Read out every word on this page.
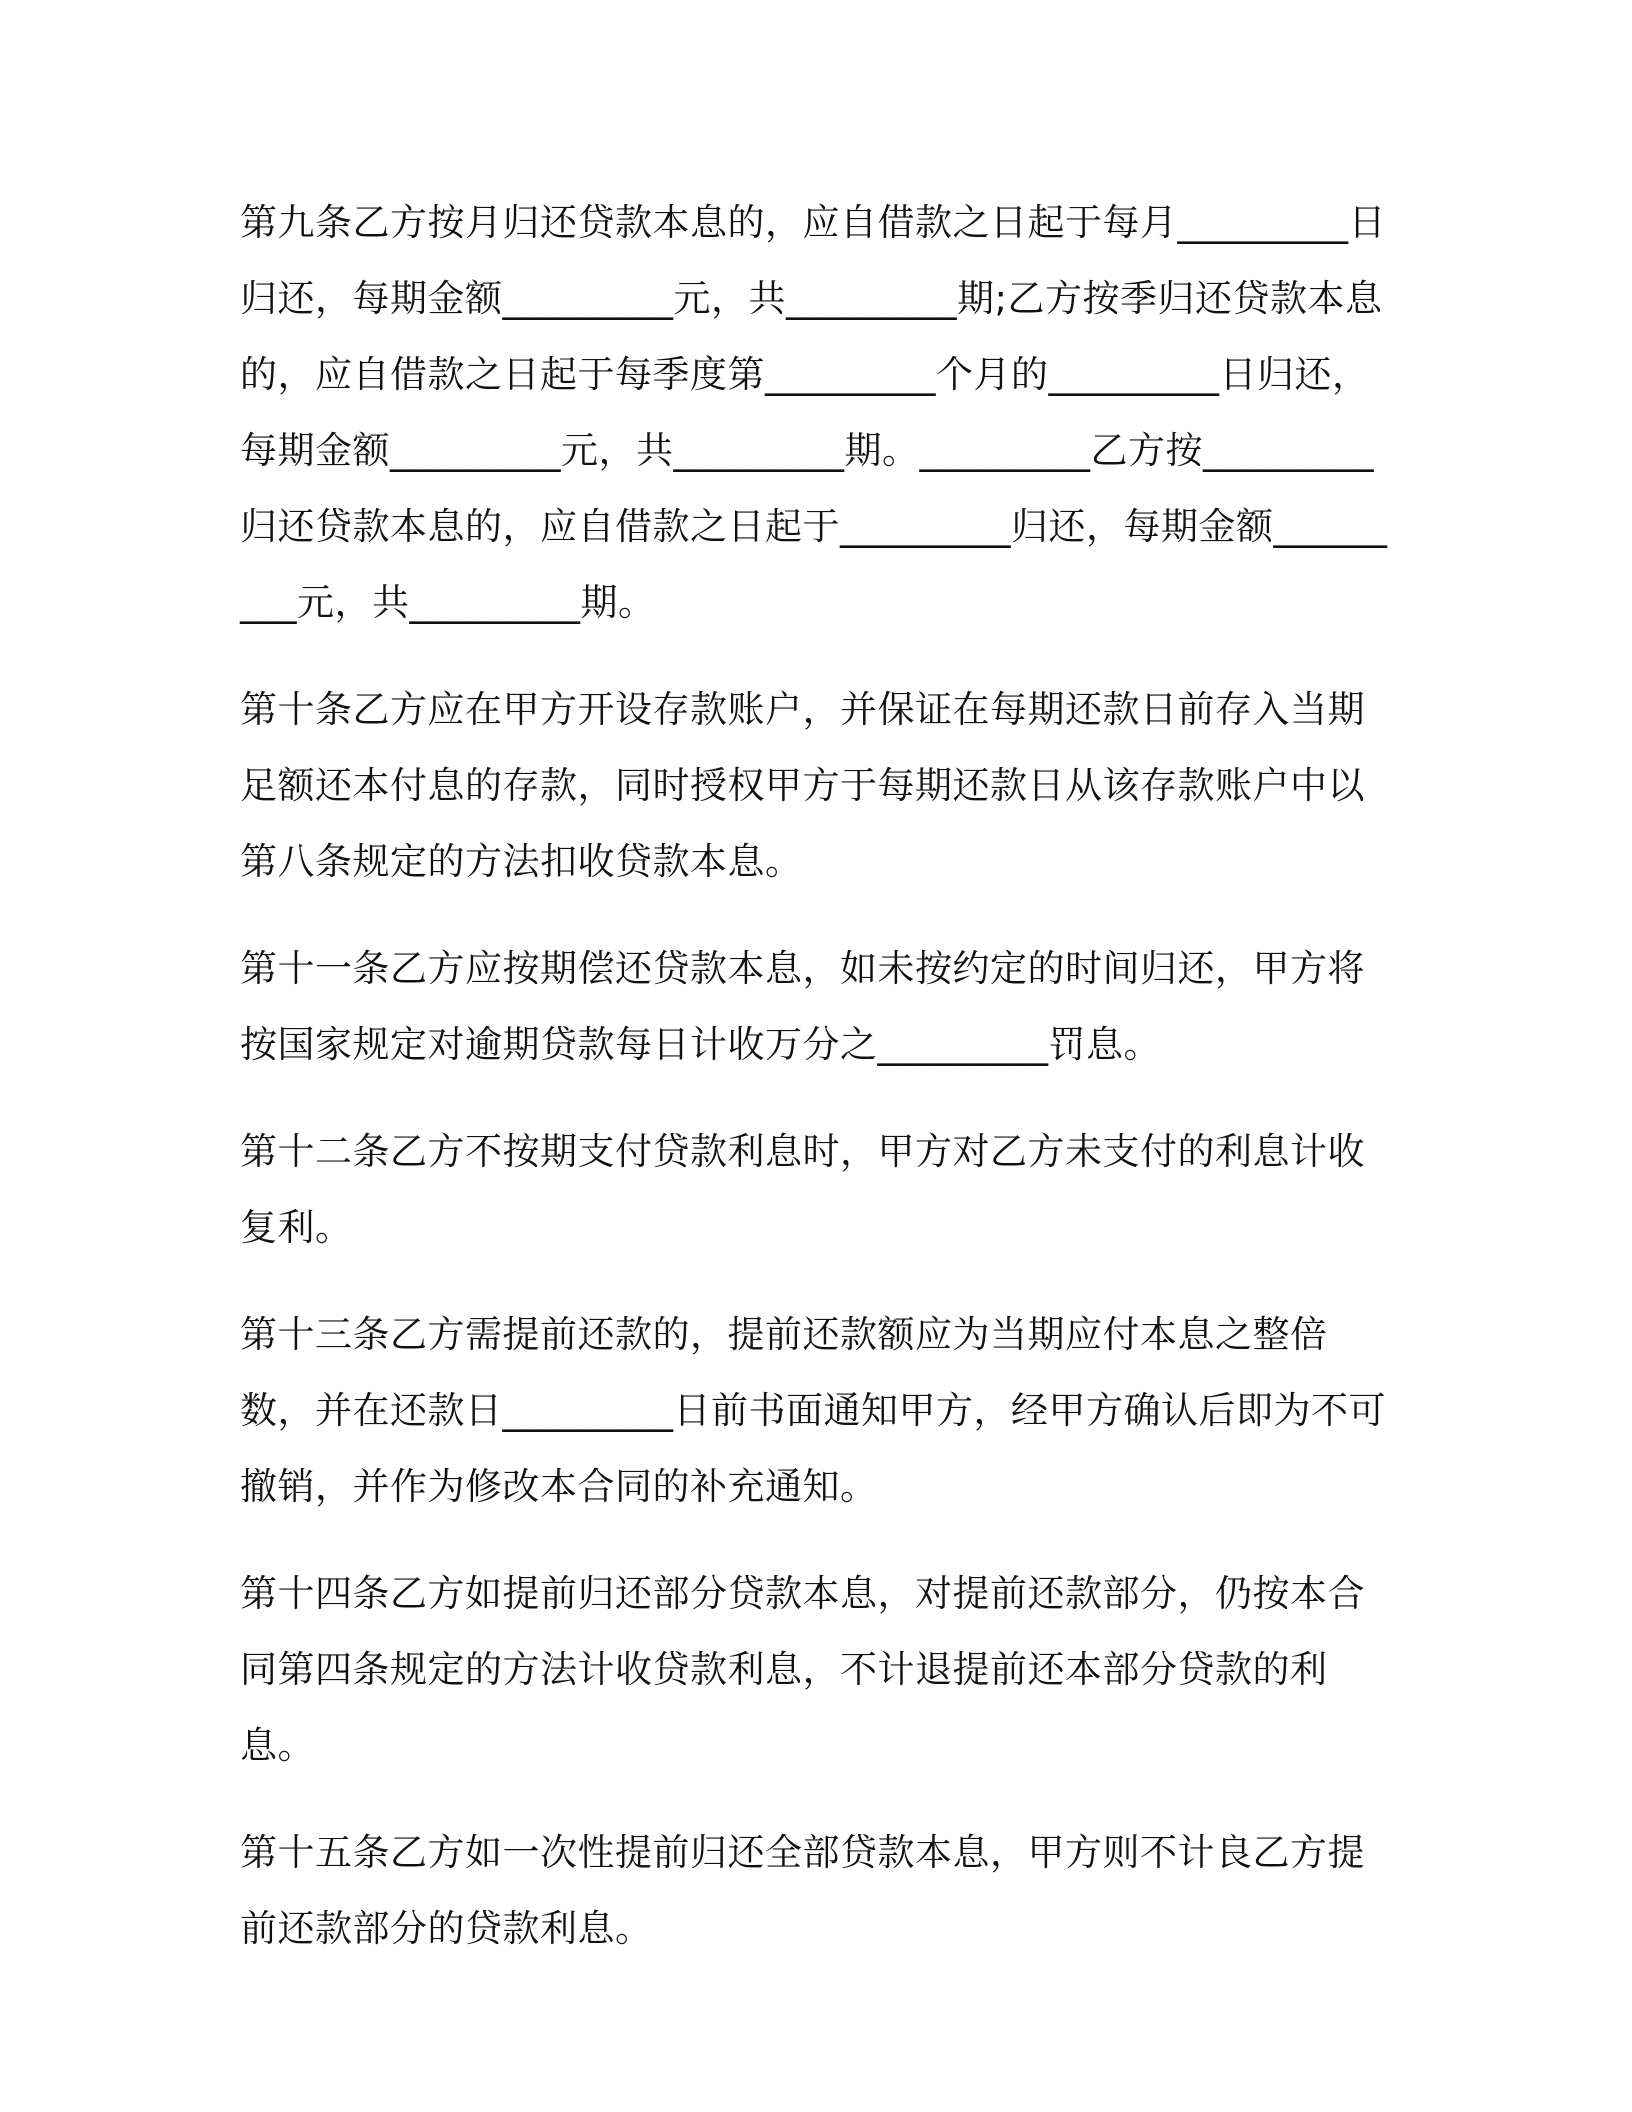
第九条乙方按月归还贷款本息的，应自借款之日起于每月_________日归还，每期金额_________元，共_________期;乙方按季归还贷款本息的，应自借款之日起于每季度第_________个月的_________日归还，每期金额_________元，共_________期。_________乙方按_________归还贷款本息的，应自借款之日起于_________归还，每期金额_________元，共_________期。

第十条乙方应在甲方开设存款账户，并保证在每期还款日前存入当期足额还本付息的存款，同时授权甲方于每期还款日从该存款账户中以第八条规定的方法扣收贷款本息。

第十一条乙方应按期偿还贷款本息，如未按约定的时间归还，甲方将按国家规定对逾期贷款每日计收万分之_________罚息。

第十二条乙方不按期支付贷款利息时，甲方对乙方未支付的利息计收复利。

第十三条乙方需提前还款的，提前还款额应为当期应付本息之整倍数，并在还款日_________日前书面通知甲方，经甲方确认后即为不可撤销，并作为修改本合同的补充通知。

第十四条乙方如提前归还部分贷款本息，对提前还款部分，仍按本合同第四条规定的方法计收贷款利息，不计退提前还本部分贷款的利息。

第十五条乙方如一次性提前归还全部贷款本息，甲方则不计良乙方提前还款部分的贷款利息。
